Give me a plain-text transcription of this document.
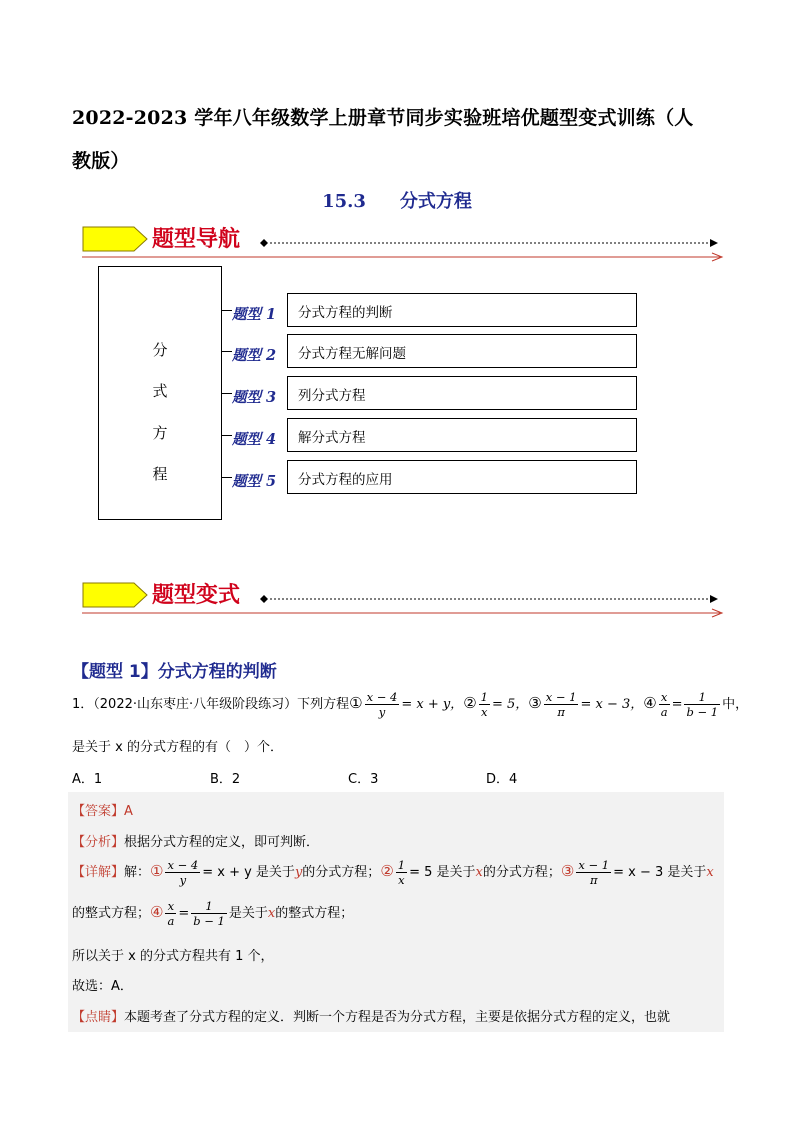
2022-2023 学年八年级数学上册章节同步实验班培优题型变式训练（人
教版）
15.3 分式方程
题型导航
分
式
方
程
题型 1	分式方程的判断
题型 2	分式方程无解问题
题型 3	列分式方程
题型 4	解分式方程
题型 5	分式方程的应用
题型变式
【题型 1】分式方程的判断
1．（2022·山东枣庄·八年级阶段练习）下列方程① $\frac{x - 4}{y} = x + y$，② $\frac{1}{x} = 5$，③ $\frac{x - 1}{\pi} = x - 3$，④ $\frac{x}{a} = \frac{1}{b - 1}$ 中，
是关于 x 的分式方程的有（　）个．
A．1	B．2	C．3	D．4
【答案】A
【分析】根据分式方程的定义，即可判断．
【详解】解：① $\frac{x - 4}{y} = x + y$ 是关于y的分式方程；② $\frac{1}{x} = 5$ 是关于x的分式方程；③ $\frac{x - 1}{\pi} = x - 3$ 是关于x
的整式方程；④ $\frac{x}{a} = \frac{1}{b - 1}$ 是关于x的整式方程；
所以关于 x 的分式方程共有 1 个，
故选：A．
【点睛】本题考查了分式方程的定义．判断一个方程是否为分式方程，主要是依据分式方程的定义，也就
